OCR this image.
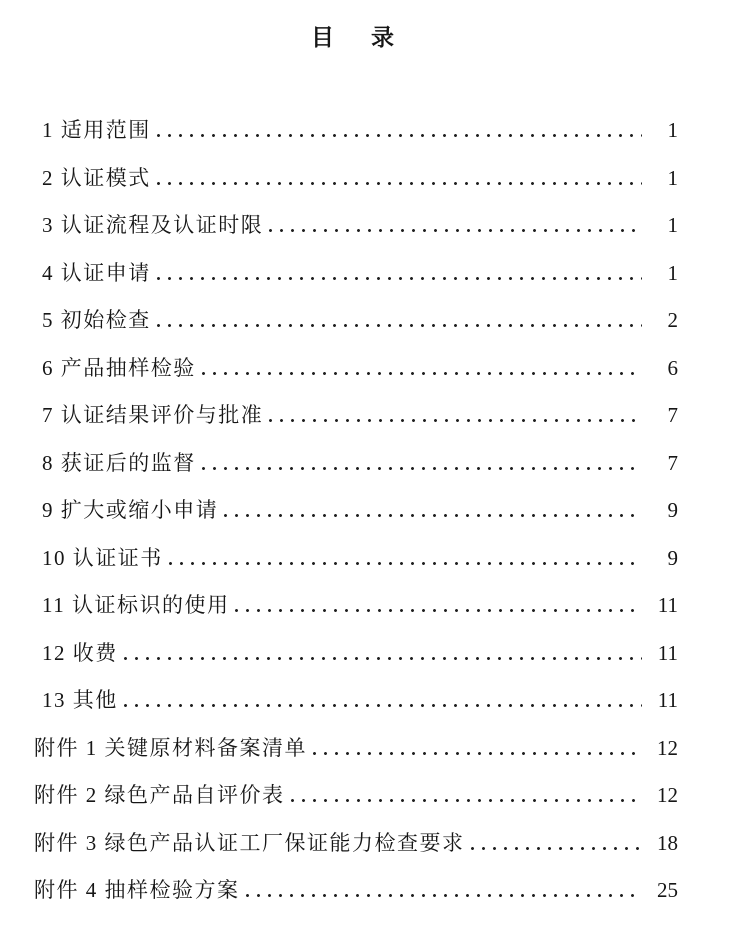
目　录
1 适用范围	1
2 认证模式	1
3 认证流程及认证时限	1
4 认证申请	1
5 初始检查	2
6 产品抽样检验	6
7 认证结果评价与批准	7
8 获证后的监督	7
9 扩大或缩小申请	9
10 认证证书	9
11 认证标识的使用	11
12 收费	11
13 其他	11
附件 1 关键原材料备案清单	12
附件 2 绿色产品自评价表	12
附件 3 绿色产品认证工厂保证能力检查要求	18
附件 4 抽样检验方案	25
